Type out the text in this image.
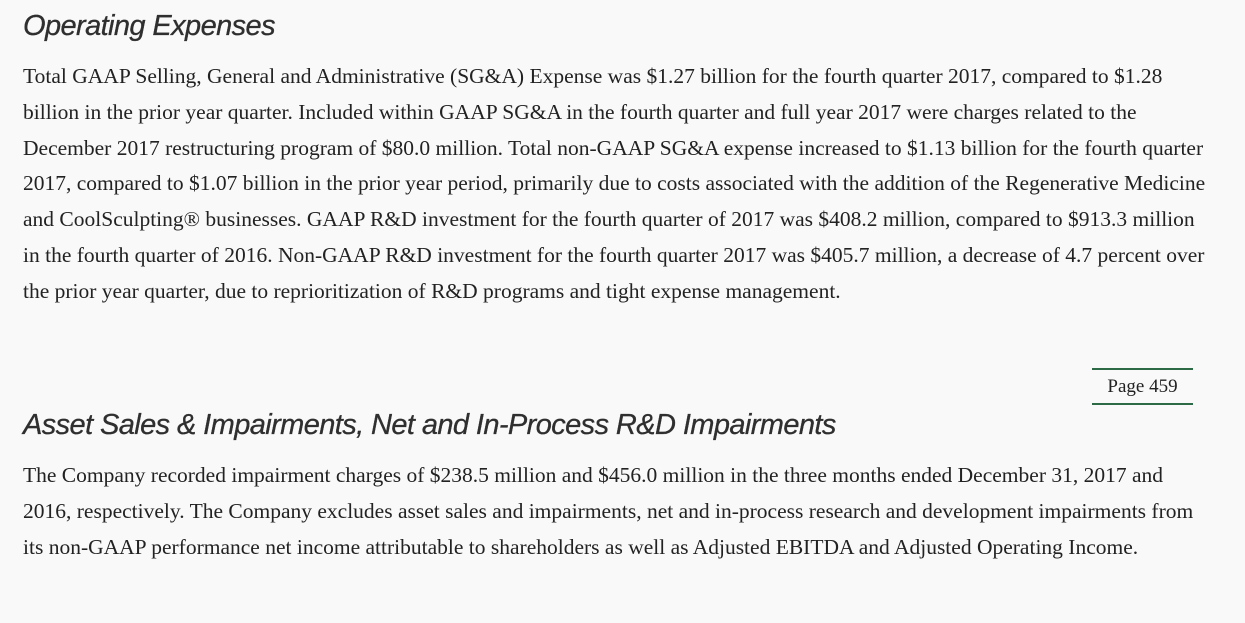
Operating Expenses

Total GAAP Selling, General and Administrative (SG&A) Expense was $1.27 billion for the fourth quarter 2017, compared to $1.28 billion in the prior year quarter. Included within GAAP SG&A in the fourth quarter and full year 2017 were charges related to the December 2017 restructuring program of $80.0 million. Total non-GAAP SG&A expense increased to $1.13 billion for the fourth quarter 2017, compared to $1.07 billion in the prior year period, primarily due to costs associated with the addition of the Regenerative Medicine and CoolSculpting® businesses. GAAP R&D investment for the fourth quarter of 2017 was $408.2 million, compared to $913.3 million in the fourth quarter of 2016. Non-GAAP R&D investment for the fourth quarter 2017 was $405.7 million, a decrease of 4.7 percent over the prior year quarter, due to reprioritization of R&D programs and tight expense management.

Page 459
Asset Sales & Impairments, Net and In-Process R&D Impairments

The Company recorded impairment charges of $238.5 million and $456.0 million in the three months ended December 31, 2017 and 2016, respectively. The Company excludes asset sales and impairments, net and in-process research and development impairments from its non-GAAP performance net income attributable to shareholders as well as Adjusted EBITDA and Adjusted Operating Income.
